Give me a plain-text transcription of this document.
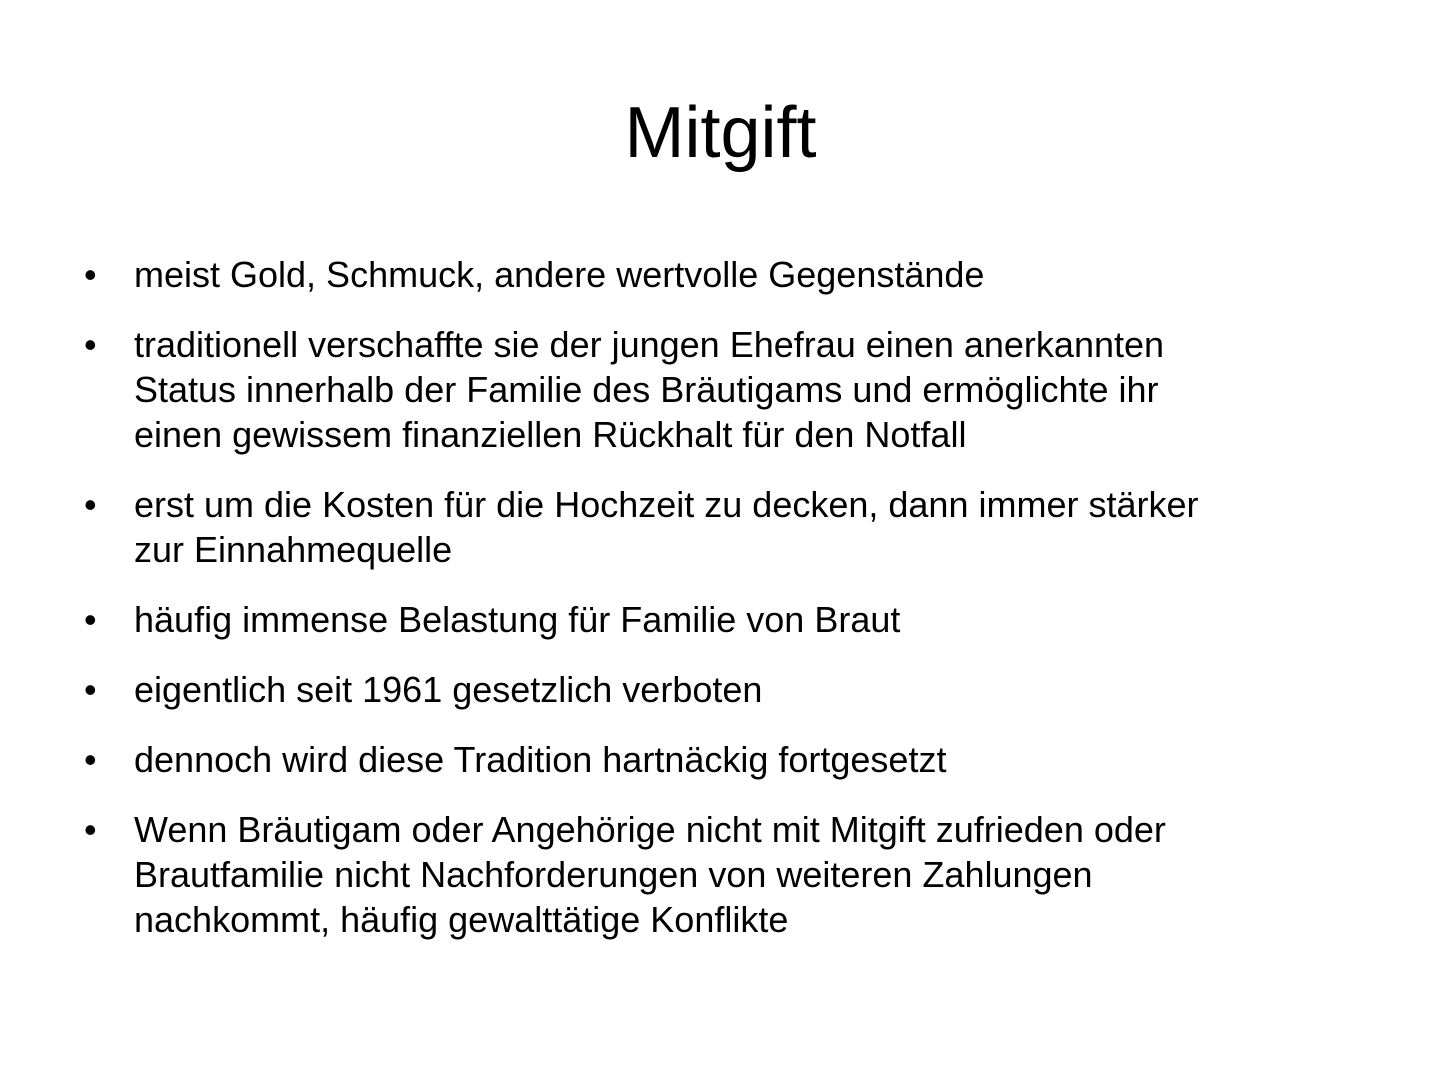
Mitgift
• meist Gold, Schmuck, andere wertvolle Gegenstände
• traditionell verschaffte sie der jungen Ehefrau einen anerkannten
Status innerhalb der Familie des Bräutigams und ermöglichte ihr
einen gewissem finanziellen Rückhalt für den Notfall
• erst um die Kosten für die Hochzeit zu decken, dann immer stärker
zur Einnahmequelle
• häufig immense Belastung für Familie von Braut
• eigentlich seit 1961 gesetzlich verboten
• dennoch wird diese Tradition hartnäckig fortgesetzt
• Wenn Bräutigam oder Angehörige nicht mit Mitgift zufrieden oder
Brautfamilie nicht Nachforderungen von weiteren Zahlungen
nachkommt, häufig gewalttätige Konflikte
